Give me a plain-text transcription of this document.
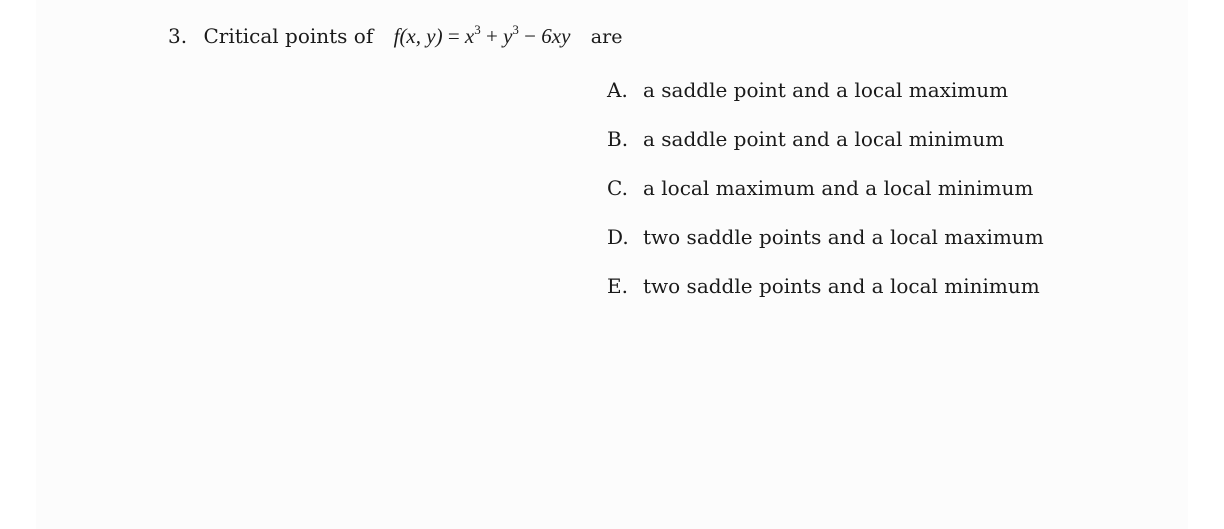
3. Critical points of f(x, $y) = x^3 + y^3 - 6xy$ are
A. a saddle point and a local maximum
B. a saddle point and a local minimum
C. a local maximum and a local minimum
D. two saddle points and a local maximum
E. two saddle points and a local minimum
